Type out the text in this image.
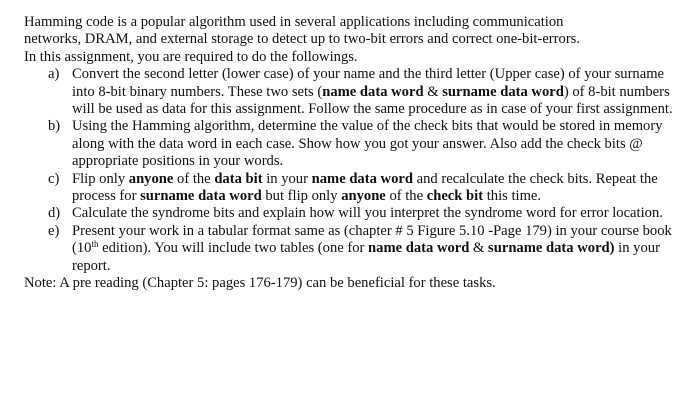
Hamming code is a popular algorithm used in several applications including communication
networks, DRAM, and external storage to detect up to two-bit errors and correct one-bit-errors.
In this assignment, you are required to do the followings.

a) Convert the second letter (lower case) of your name and the third letter (Upper case) of your surname into 8-bit binary numbers. These two sets (name data word & surname data word) of 8-bit numbers will be used as data for this assignment. Follow the same procedure as in case of your first assignment.
b) Using the Hamming algorithm, determine the value of the check bits that would be stored in memory along with the data word in each case. Show how you got your answer. Also add the check bits @ appropriate positions in your words.
c) Flip only anyone of the data bit in your name data word and recalculate the check bits. Repeat the process for surname data word but flip only anyone of the check bit this time.
d) Calculate the syndrome bits and explain how will you interpret the syndrome word for error location.
e) Present your work in a tabular format same as (chapter # 5 Figure 5.10 -Page 179) in your course book (10th edition). You will include two tables (one for name data word & surname data word) in your report.

Note: A pre reading (Chapter 5: pages 176-179) can be beneficial for these tasks.
